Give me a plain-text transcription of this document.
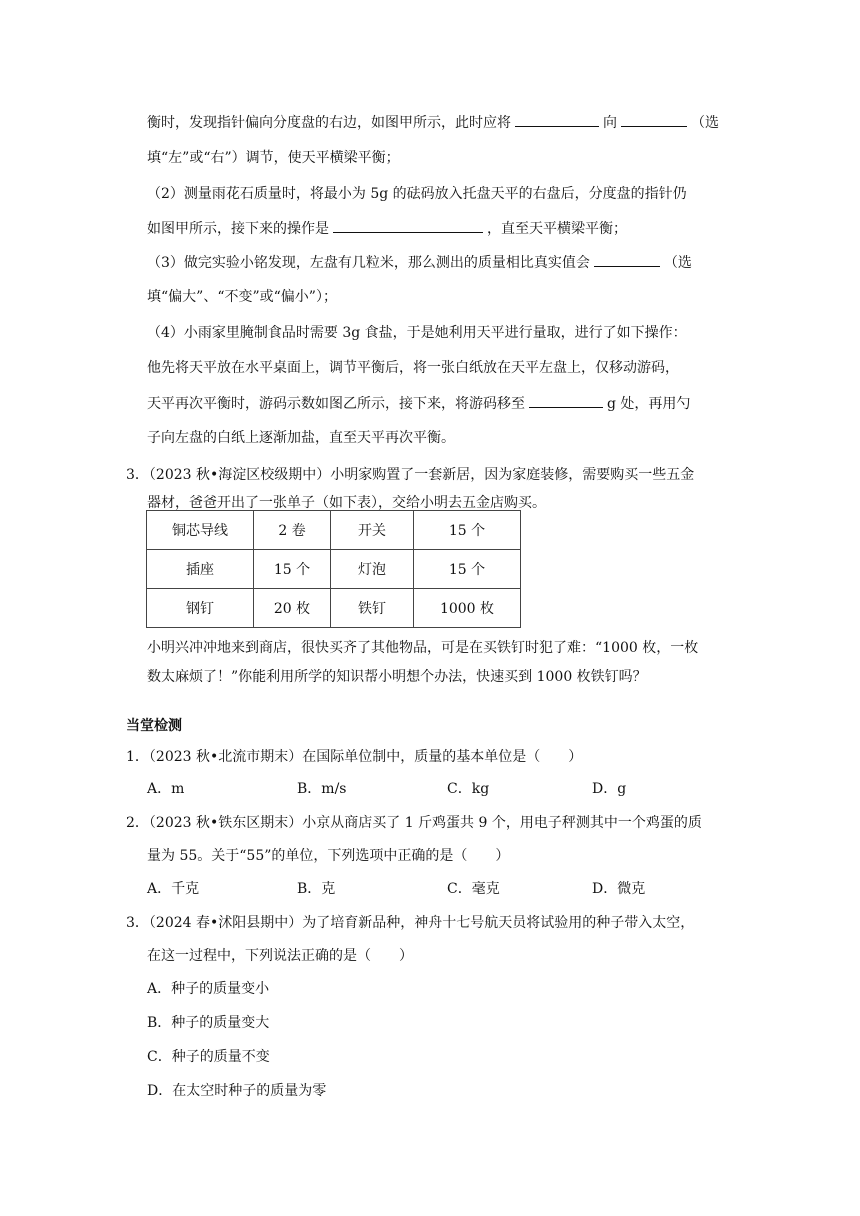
衡时，发现指针偏向分度盘的右边，如图甲所示，此时应将	向	（选
填“左”或“右”）调节，使天平横梁平衡；
（2）测量雨花石质量时，将最小为 5g 的砝码放入托盘天平的右盘后，分度盘的指针仍
如图甲所示，接下来的操作是	，直至天平横梁平衡；
（3）做完实验小铭发现，左盘有几粒米，那么测出的质量相比真实值会	（选
填“偏大”、“不变”或“偏小”）；
（4）小雨家里腌制食品时需要 3g 食盐，于是她利用天平进行量取，进行了如下操作：
他先将天平放在水平桌面上，调节平衡后，将一张白纸放在天平左盘上，仅移动游码，
天平再次平衡时，游码示数如图乙所示，接下来，将游码移至	g 处，再用勺
子向左盘的白纸上逐渐加盐，直至天平再次平衡。
3．（2023 秋•海淀区校级期中）小明家购置了一套新居，因为家庭装修，需要购买一些五金
器材，爸爸开出了一张单子（如下表），交给小明去五金店购买。
铜芯导线	2 卷	开关	15 个
插座	15 个	灯泡	15 个
钢钉	20 枚	铁钉	1000 枚
小明兴冲冲地来到商店，很快买齐了其他物品，可是在买铁钉时犯了难：“1000 枚，一枚
数太麻烦了！”你能利用所学的知识帮小明想个办法，快速买到 1000 枚铁钉吗？
当堂检测
1．（2023 秋•北流市期末）在国际单位制中，质量的基本单位是（　　）
A．m	B．m/s	C．kg	D．g
2．（2023 秋•铁东区期末）小京从商店买了 1 斤鸡蛋共 9 个，用电子秤测其中一个鸡蛋的质
量为 55。关于“55”的单位，下列选项中正确的是（　　）
A．千克	B．克	C．毫克	D．微克
3．（2024 春•沭阳县期中）为了培育新品种，神舟十七号航天员将试验用的种子带入太空，
在这一过程中，下列说法正确的是（　　）
A．种子的质量变小
B．种子的质量变大
C．种子的质量不变
D．在太空时种子的质量为零
